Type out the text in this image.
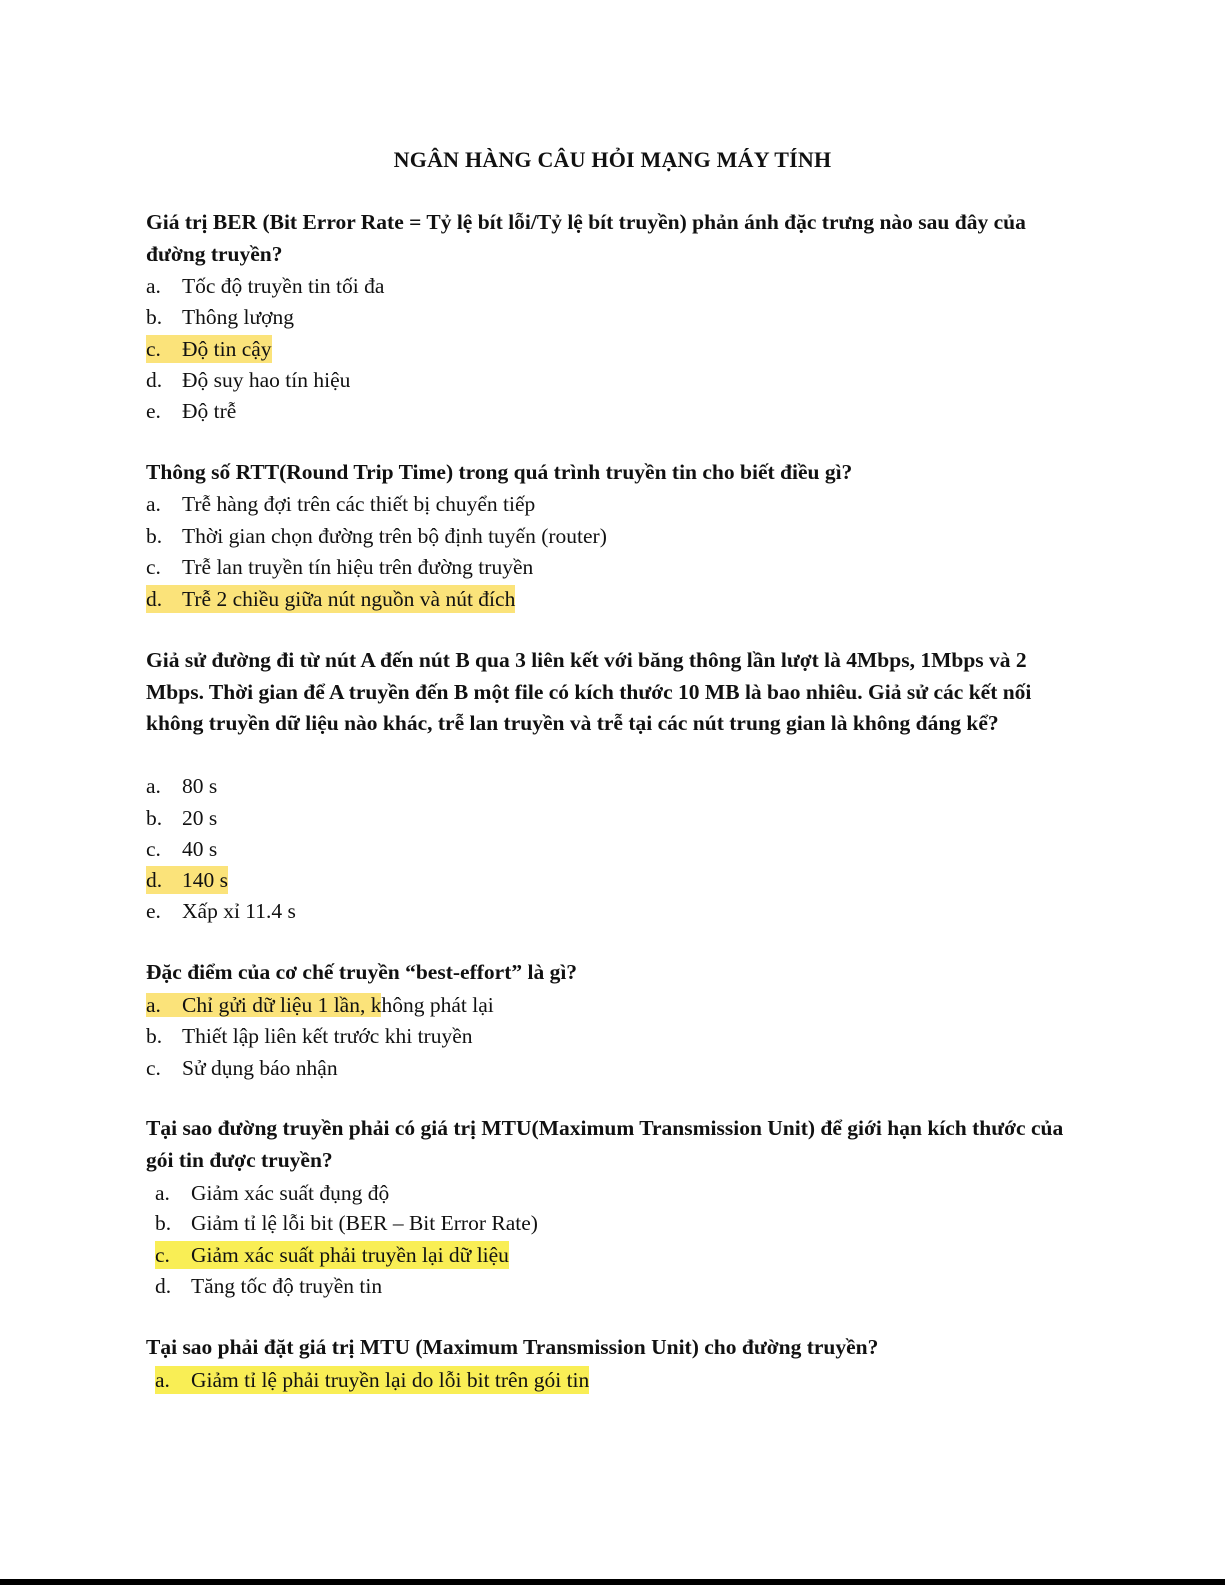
NGÂN HÀNG CÂU HỎI MẠNG MÁY TÍNH
Giá trị BER (Bit Error Rate = Tỷ lệ bít lỗi/Tỷ lệ bít truyền) phản ánh đặc trưng nào sau đây của đường truyền?
a. Tốc độ truyền tin tối đa
b. Thông lượng
c. Độ tin cậy
d. Độ suy hao tín hiệu
e. Độ trễ
Thông số RTT(Round Trip Time) trong quá trình truyền tin cho biết điều gì?
a. Trễ hàng đợi trên các thiết bị chuyển tiếp
b. Thời gian chọn đường trên bộ định tuyến (router)
c. Trễ lan truyền tín hiệu trên đường truyền
d. Trễ 2 chiều giữa nút nguồn và nút đích
Giả sử đường đi từ nút A đến nút B qua 3 liên kết với băng thông lần lượt là 4Mbps, 1Mbps và 2 Mbps. Thời gian để A truyền đến B một file có kích thước 10 MB là bao nhiêu. Giả sử các kết nối không truyền dữ liệu nào khác, trễ lan truyền và trễ tại các nút trung gian là không đáng kể?
a. 80 s
b. 20 s
c. 40 s
d. 140 s
e. Xấp xỉ 11.4 s
Đặc điểm của cơ chế truyền “best-effort” là gì?
a. Chỉ gửi dữ liệu 1 lần, không phát lại
b. Thiết lập liên kết trước khi truyền
c. Sử dụng báo nhận
Tại sao đường truyền phải có giá trị MTU(Maximum Transmission Unit) để giới hạn kích thước của gói tin được truyền?
a. Giảm xác suất đụng độ
b. Giảm tỉ lệ lỗi bit (BER – Bit Error Rate)
c. Giảm xác suất phải truyền lại dữ liệu
d. Tăng tốc độ truyền tin
Tại sao phải đặt giá trị MTU (Maximum Transmission Unit) cho đường truyền?
a. Giảm tỉ lệ phải truyền lại do lỗi bit trên gói tin
